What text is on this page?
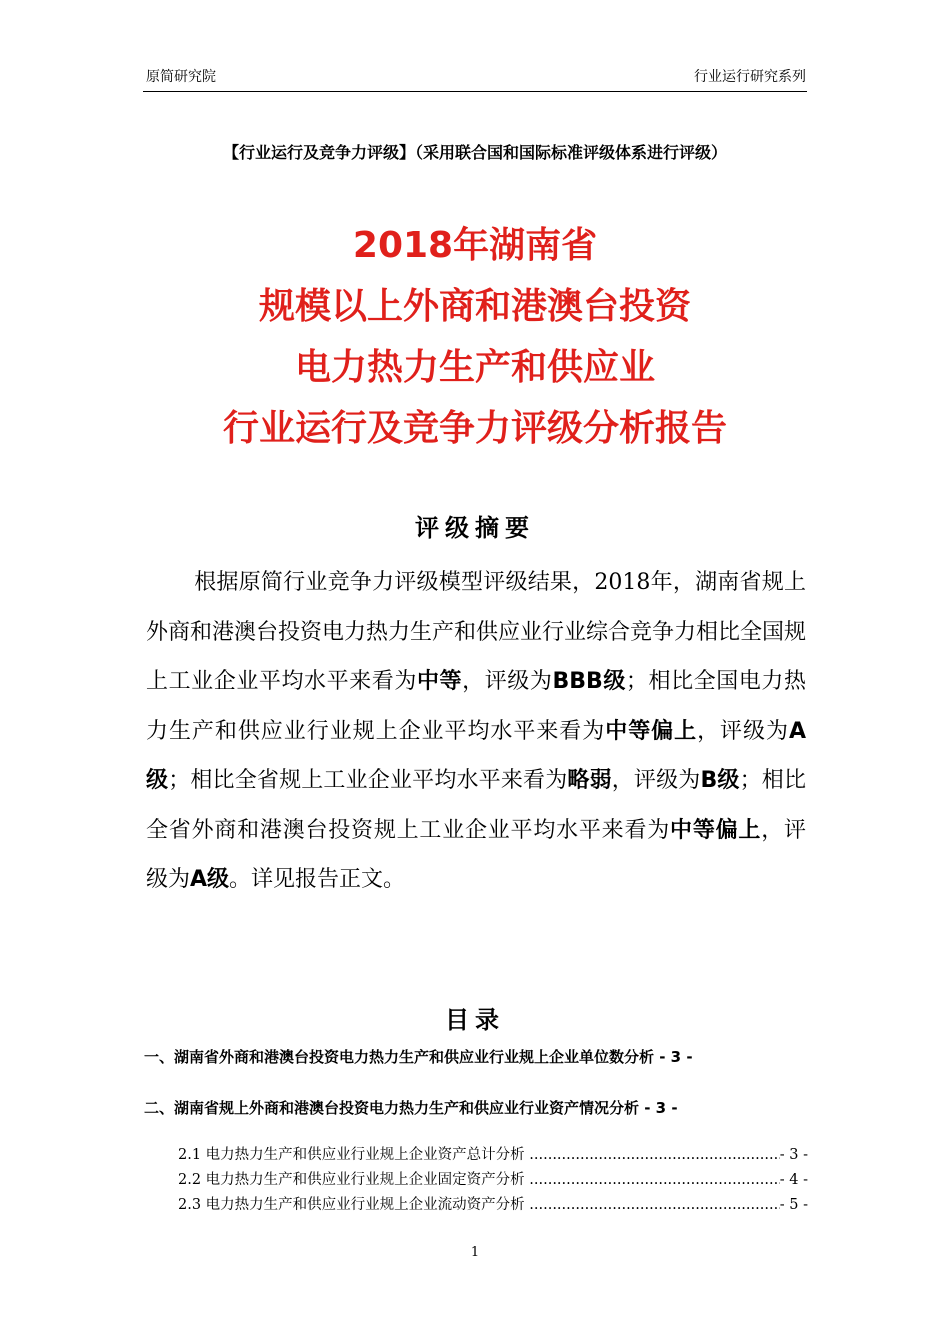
原简研究院	行业运行研究系列
【行业运行及竞争力评级】（采用联合国和国际标准评级体系进行评级）
2018年湖南省
规模以上外商和港澳台投资
电力热力生产和供应业
行业运行及竞争力评级分析报告
评级摘要
根据原简行业竞争力评级模型评级结果，2018年，湖南省规上外商和港澳台投资电力热力生产和供应业行业综合竞争力相比全国规上工业企业平均水平来看为中等，评级为BBB级；相比全国电力热力生产和供应业行业规上企业平均水平来看为中等偏上，评级为A级；相比全省规上工业企业平均水平来看为略弱，评级为B级；相比全省外商和港澳台投资规上工业企业平均水平来看为中等偏上，评级为A级。详见报告正文。
目录
一、湖南省外商和港澳台投资电力热力生产和供应业行业规上企业单位数分析 - 3 -
二、湖南省规上外商和港澳台投资电力热力生产和供应业行业资产情况分析 - 3 -
2.1 电力热力生产和供应业行业规上企业资产总计分析 .....	- 3 -
2.2 电力热力生产和供应业行业规上企业固定资产分析 .....	- 4 -
2.3 电力热力生产和供应业行业规上企业流动资产分析 .....	- 5 -
1
